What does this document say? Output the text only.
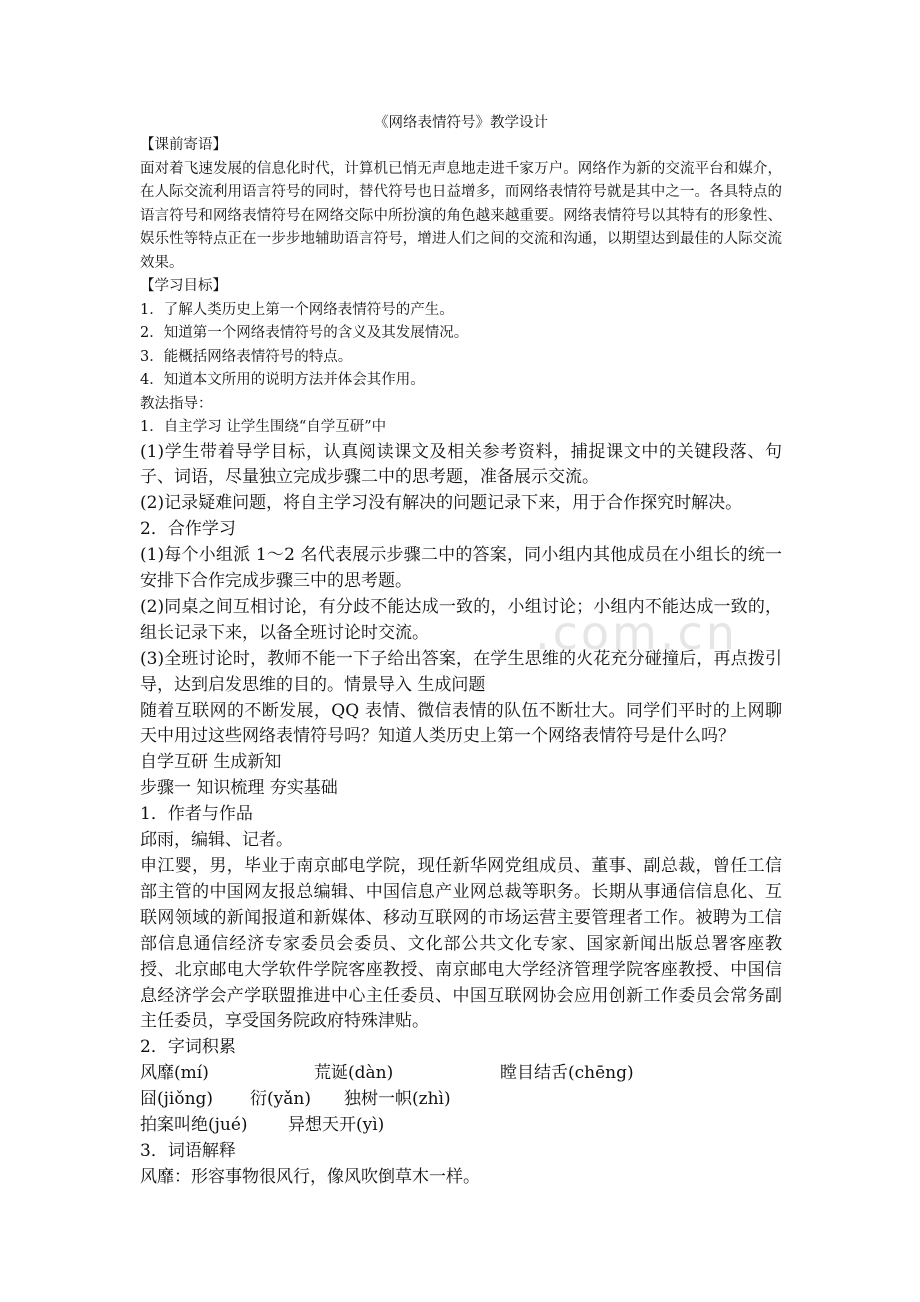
.com.cn
《网络表情符号》教学设计
【课前寄语】

面对着飞速发展的信息化时代，计算机已悄无声息地走进千家万户。网络作为新的交流平台和媒介，在人际交流利用语言符号的同时，替代符号也日益增多，而网络表情符号就是其中之一。各具特点的语言符号和网络表情符号在网络交际中所扮演的角色越来越重要。网络表情符号以其特有的形象性、娱乐性等特点正在一步步地辅助语言符号，增进人们之间的交流和沟通，以期望达到最佳的人际交流效果。

【学习目标】
1．了解人类历史上第一个网络表情符号的产生。
2．知道第一个网络表情符号的含义及其发展情况。
3．能概括网络表情符号的特点。
4．知道本文所用的说明方法并体会其作用。
教法指导：
1．自主学习 让学生围绕“自学互研”中

(1)学生带着导学目标，认真阅读课文及相关参考资料，捕捉课文中的关键段落、句子、词语，尽量独立完成步骤二中的思考题，准备展示交流。

(2)记录疑难问题，将自主学习没有解决的问题记录下来，用于合作探究时解决。

2．合作学习

(1)每个小组派 1～2 名代表展示步骤二中的答案，同小组内其他成员在小组长的统一安排下合作完成步骤三中的思考题。

(2)同桌之间互相讨论，有分歧不能达成一致的，小组讨论；小组内不能达成一致的，组长记录下来，以备全班讨论时交流。

(3)全班讨论时，教师不能一下子给出答案，在学生思维的火花充分碰撞后，再点拨引导，达到启发思维的目的。情景导入 生成问题

随着互联网的不断发展，QQ 表情、微信表情的队伍不断壮大。同学们平时的上网聊天中用过这些网络表情符号吗？知道人类历史上第一个网络表情符号是什么吗？

自学互研 生成新知

步骤一 知识梳理 夯实基础

1．作者与作品

邱雨，编辑、记者。

申江婴，男，毕业于南京邮电学院，现任新华网党组成员、董事、副总裁，曾任工信部主管的中国网友报总编辑、中国信息产业网总裁等职务。长期从事通信信息化、互联网领域的新闻报道和新媒体、移动互联网的市场运营主要管理者工作。被聘为工信部信息通信经济专家委员会委员、文化部公共文化专家、国家新闻出版总署客座教授、北京邮电大学软件学院客座教授、南京邮电大学经济管理学院客座教授、中国信息经济学会产学联盟推进中心主任委员、中国互联网协会应用创新工作委员会常务副主任委员，享受国务院政府特殊津贴。

2．字词积累

风靡(mí)	荒诞(dàn)	瞠目结舌(chēng)
囧(jiǒng)	衍(yǎn)	独树一帜(zhì)
拍案叫绝(jué)	异想天开(yì)

3．词语解释

风靡：形容事物很风行，像风吹倒草木一样。
